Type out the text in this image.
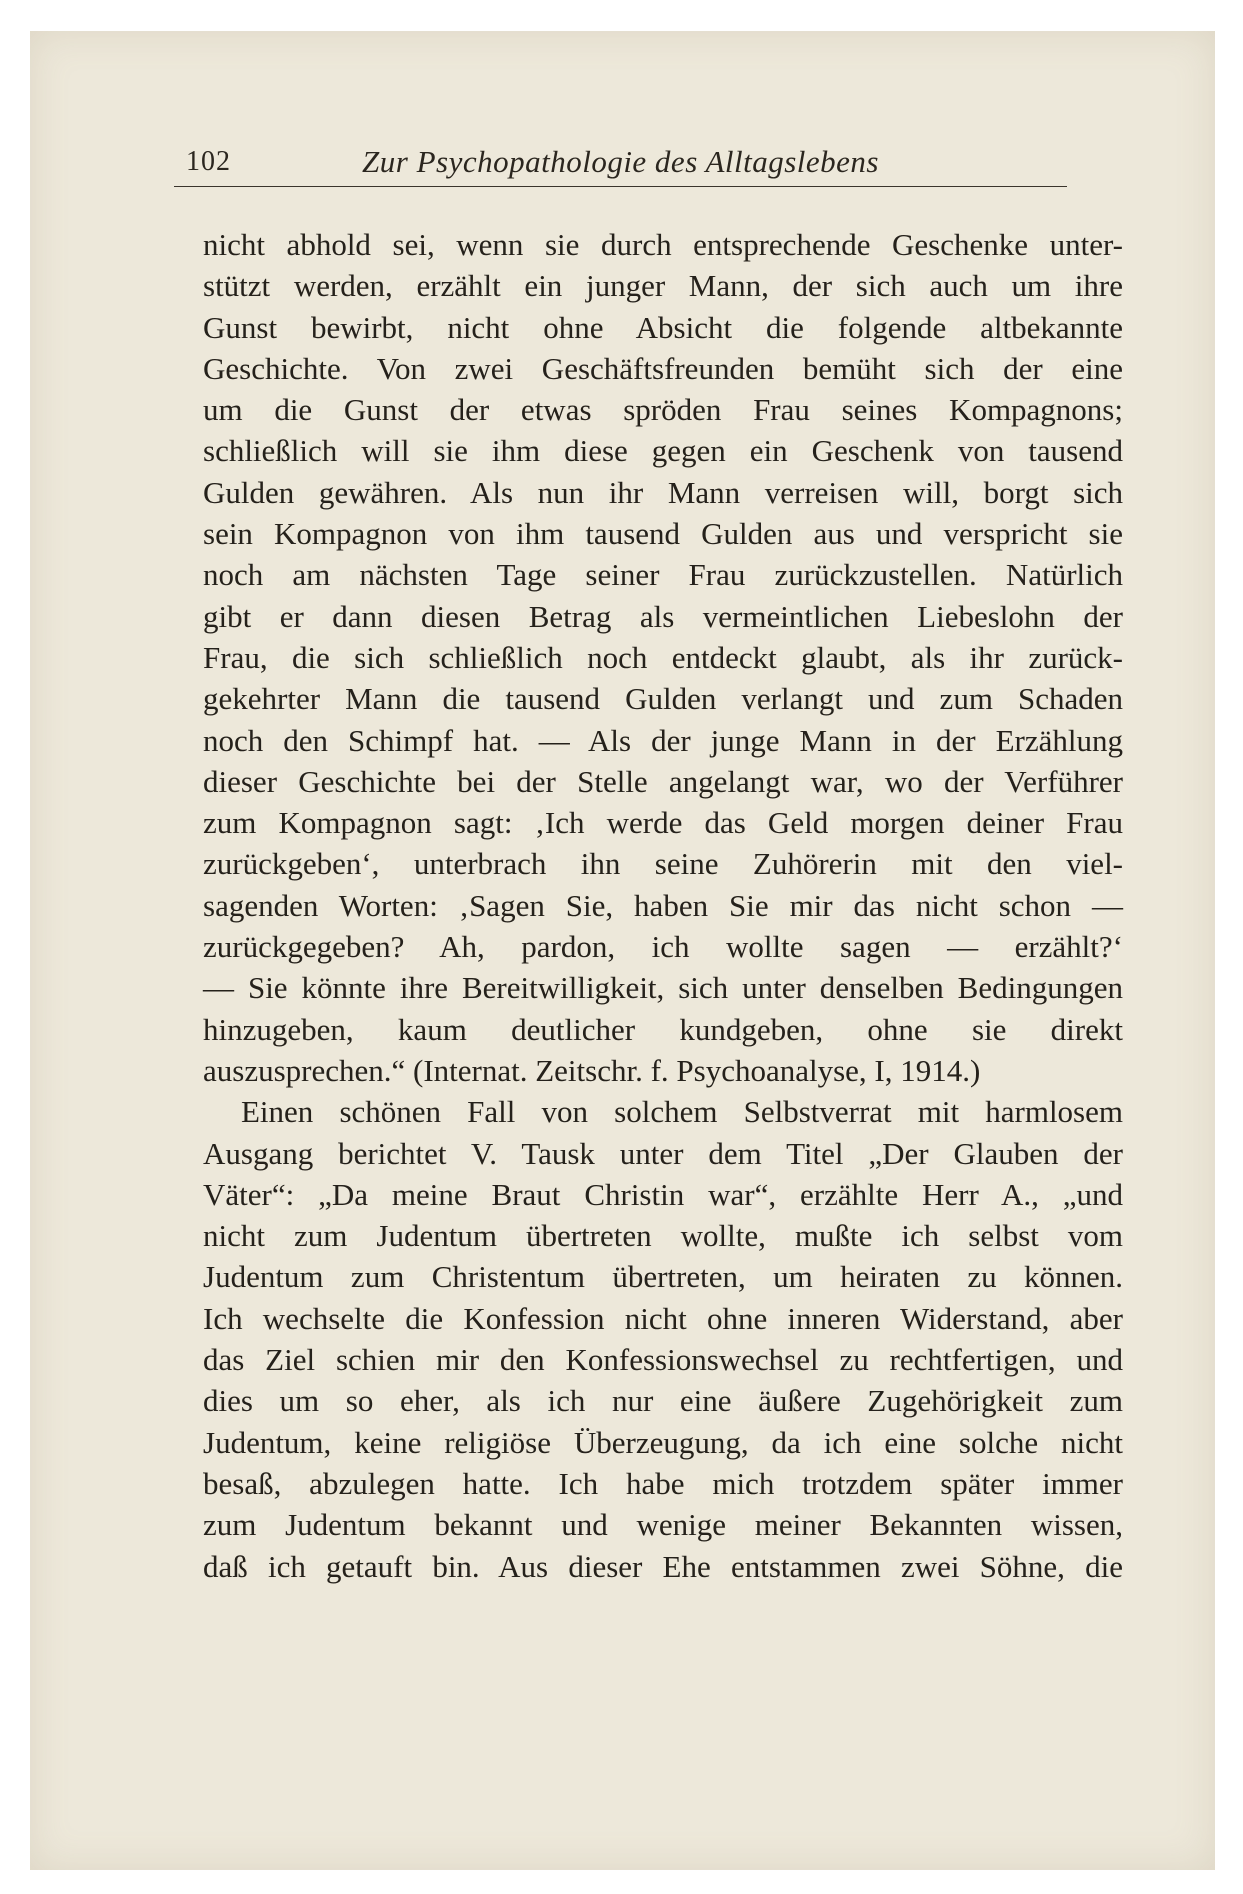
102	Zur Psychopathologie des Alltagslebens
nicht abhold sei, wenn sie durch entsprechende Geschenke unter-
stützt werden, erzählt ein junger Mann, der sich auch um ihre
Gunst bewirbt, nicht ohne Absicht die folgende altbekannte
Geschichte. Von zwei Geschäftsfreunden bemüht sich der eine
um die Gunst der etwas spröden Frau seines Kompagnons;
schließlich will sie ihm diese gegen ein Geschenk von tausend
Gulden gewähren. Als nun ihr Mann verreisen will, borgt sich
sein Kompagnon von ihm tausend Gulden aus und verspricht sie
noch am nächsten Tage seiner Frau zurückzustellen. Natürlich
gibt er dann diesen Betrag als vermeintlichen Liebeslohn der
Frau, die sich schließlich noch entdeckt glaubt, als ihr zurück-
gekehrter Mann die tausend Gulden verlangt und zum Schaden
noch den Schimpf hat. — Als der junge Mann in der Erzählung
dieser Geschichte bei der Stelle angelangt war, wo der Verführer
zum Kompagnon sagt: ‚Ich werde das Geld morgen deiner Frau
zurückgeben‘, unterbrach ihn seine Zuhörerin mit den viel-
sagenden Worten: ‚Sagen Sie, haben Sie mir das nicht schon —
zurückgegeben? Ah, pardon, ich wollte sagen — erzählt?‘
— Sie könnte ihre Bereitwilligkeit, sich unter denselben Bedingungen
hinzugeben, kaum deutlicher kundgeben, ohne sie direkt
auszusprechen.“ (Internat. Zeitschr. f. Psychoanalyse, I, 1914.)
Einen schönen Fall von solchem Selbstverrat mit harmlosem
Ausgang berichtet V. Tausk unter dem Titel „Der Glauben der
Väter“: „Da meine Braut Christin war“, erzählte Herr A., „und
nicht zum Judentum übertreten wollte, mußte ich selbst vom
Judentum zum Christentum übertreten, um heiraten zu können.
Ich wechselte die Konfession nicht ohne inneren Widerstand, aber
das Ziel schien mir den Konfessionswechsel zu rechtfertigen, und
dies um so eher, als ich nur eine äußere Zugehörigkeit zum
Judentum, keine religiöse Überzeugung, da ich eine solche nicht
besaß, abzulegen hatte. Ich habe mich trotzdem später immer
zum Judentum bekannt und wenige meiner Bekannten wissen,
daß ich getauft bin. Aus dieser Ehe entstammen zwei Söhne, die
